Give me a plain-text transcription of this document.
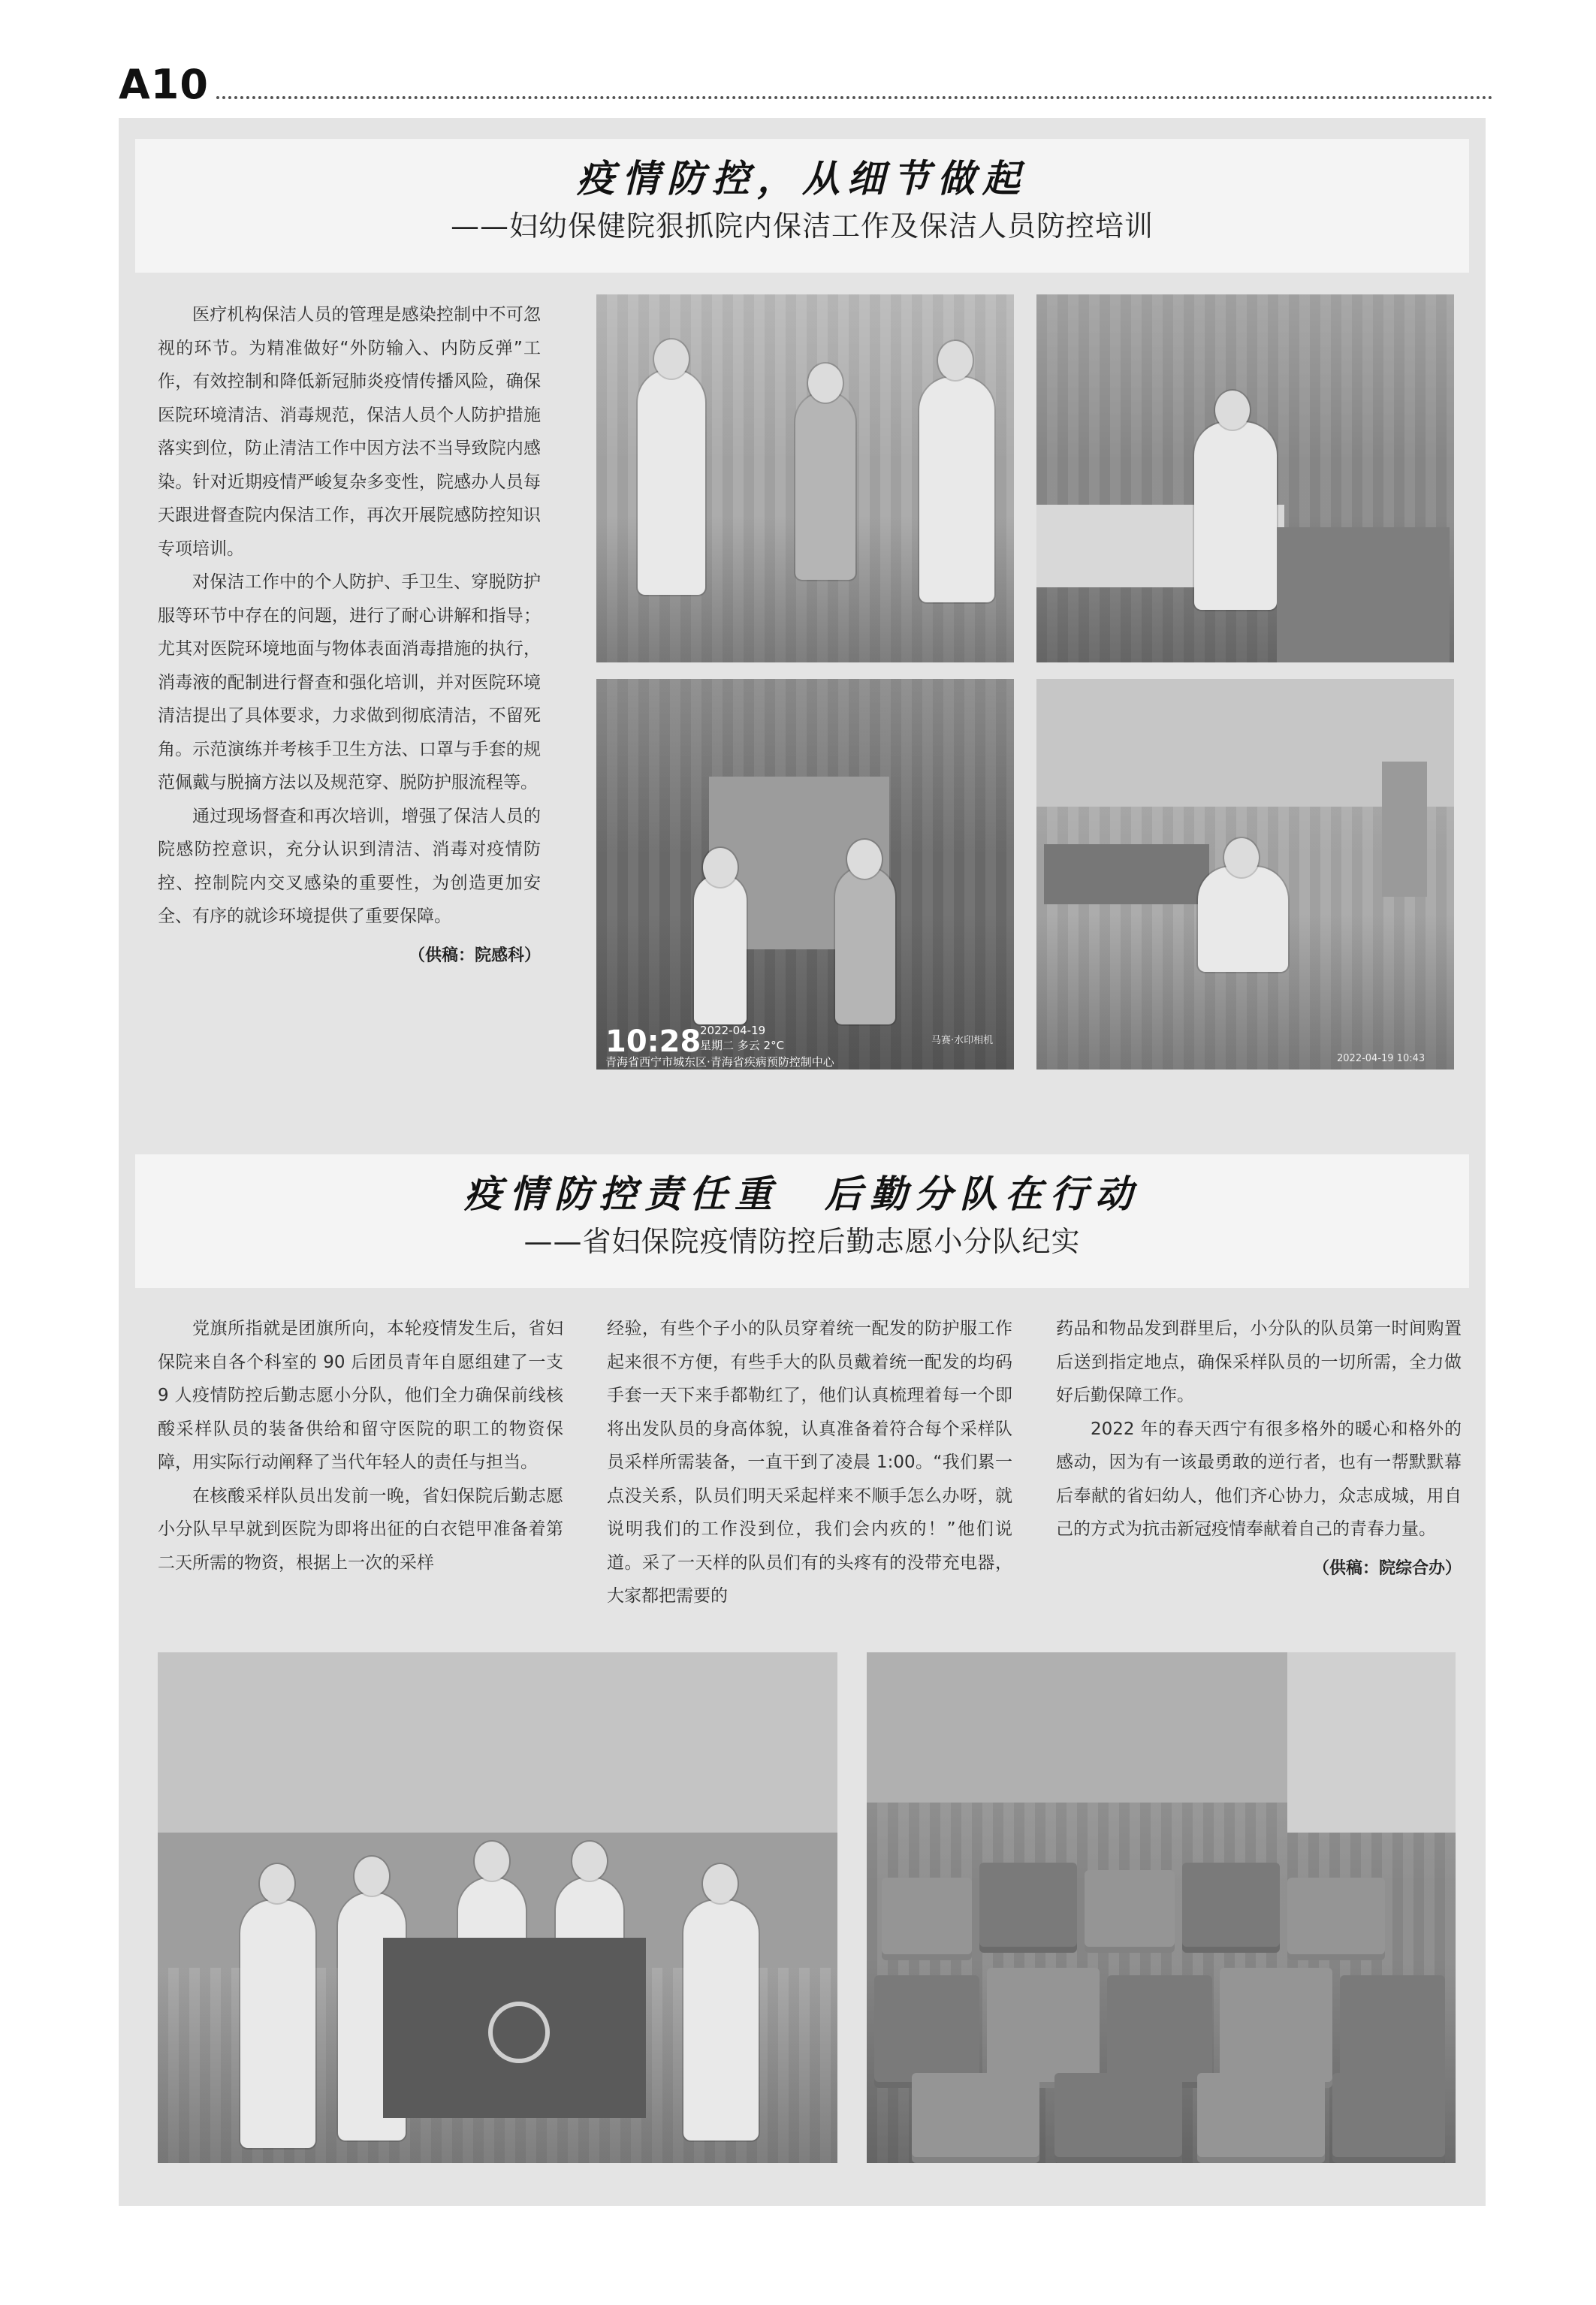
A10
疫情防控，从细节做起
——妇幼保健院狠抓院内保洁工作及保洁人员防控培训

医疗机构保洁人员的管理是感染控制中不可忽视的环节。为精准做好“外防输入、内防反弹”工作，有效控制和降低新冠肺炎疫情传播风险，确保医院环境清洁、消毒规范，保洁人员个人防护措施落实到位，防止清洁工作中因方法不当导致院内感染。针对近期疫情严峻复杂多变性，院感办人员每天跟进督查院内保洁工作，再次开展院感防控知识专项培训。

对保洁工作中的个人防护、手卫生、穿脱防护服等环节中存在的问题，进行了耐心讲解和指导；尤其对医院环境地面与物体表面消毒措施的执行，消毒液的配制进行督查和强化培训，并对医院环境清洁提出了具体要求，力求做到彻底清洁，不留死角。示范演练并考核手卫生方法、口罩与手套的规范佩戴与脱摘方法以及规范穿、脱防护服流程等。

通过现场督查和再次培训，增强了保洁人员的院感防控意识，充分认识到清洁、消毒对疫情防控、控制院内交叉感染的重要性，为创造更加安全、有序的就诊环境提供了重要保障。

（供稿：院感科）
10:28
2022-04-19
星期二 多云 2°C
青海省西宁市城东区·青海省疾病预防控制中心
马赛·水印相机
2022-04-19 10:43
疫情防控责任重　后勤分队在行动
——省妇保院疫情防控后勤志愿小分队纪实

党旗所指就是团旗所向，本轮疫情发生后，省妇保院来自各个科室的 90 后团员青年自愿组建了一支 9 人疫情防控后勤志愿小分队，他们全力确保前线核酸采样队员的装备供给和留守医院的职工的物资保障，用实际行动阐释了当代年轻人的责任与担当。

在核酸采样队员出发前一晚，省妇保院后勤志愿小分队早早就到医院为即将出征的白衣铠甲准备着第二天所需的物资，根据上一次的采样

经验，有些个子小的队员穿着统一配发的防护服工作起来很不方便，有些手大的队员戴着统一配发的均码手套一天下来手都勒红了，他们认真梳理着每一个即将出发队员的身高体貌，认真准备着符合每个采样队员采样所需装备，一直干到了凌晨 1:00。“我们累一点没关系，队员们明天采起样来不顺手怎么办呀，就说明我们的工作没到位，我们会内疚的！”他们说道。采了一天样的队员们有的头疼有的没带充电器，大家都把需要的

药品和物品发到群里后，小分队的队员第一时间购置后送到指定地点，确保采样队员的一切所需，全力做好后勤保障工作。

2022 年的春天西宁有很多格外的暖心和格外的感动，因为有一该最勇敢的逆行者，也有一帮默默幕后奉献的省妇幼人，他们齐心协力，众志成城，用自己的方式为抗击新冠疫情奉献着自己的青春力量。

（供稿：院综合办）
